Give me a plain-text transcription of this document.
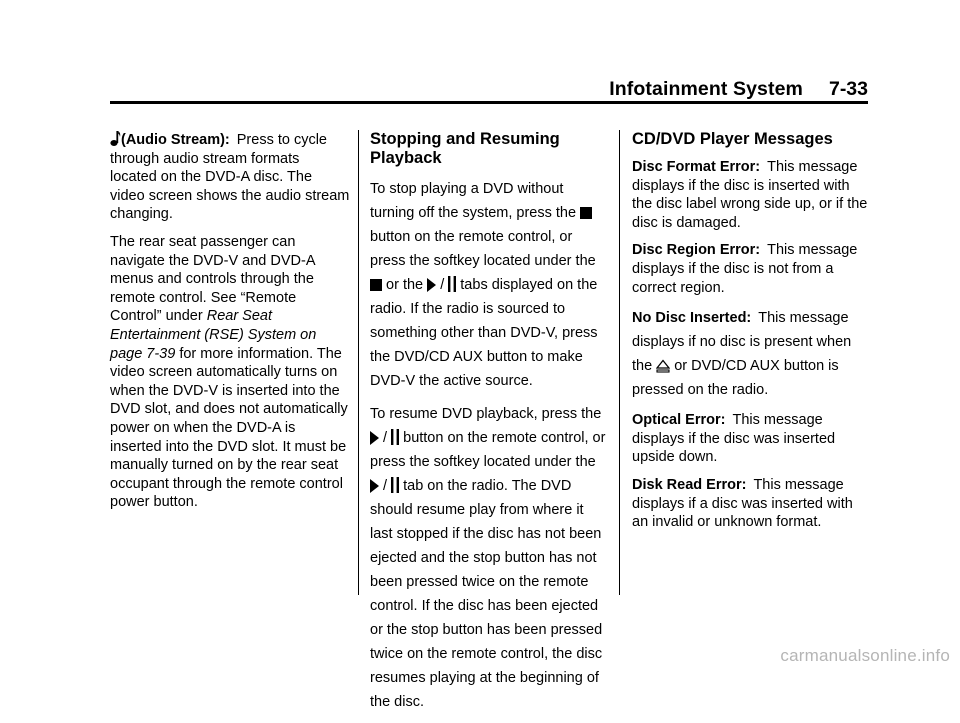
Infotainment System 7-33

(Audio Stream): Press to cycle through audio stream formats located on the DVD-A disc. The video screen shows the audio stream changing.

The rear seat passenger can navigate the DVD-V and DVD-A menus and controls through the remote control. See “Remote Control” under Rear Seat Entertainment (RSE) System on page 7-39 for more information. The video screen automatically turns on when the DVD-V is inserted into the DVD slot, and does not automatically power on when the DVD-A is inserted into the DVD slot. It must be manually turned on by the rear seat occupant through the remote control power button.

Stopping and Resuming Playback

To stop playing a DVD without turning off the system, press the
button on the remote control, or press the softkey located under the
or the / tabs displayed on the radio. If the radio is sourced to something other than DVD-V, press the DVD/CD AUX button to make DVD-V the active source.

To resume DVD playback, press the
/ button on the remote control, or press the softkey located under the
/ tab on the radio. The DVD should resume play from where it last stopped if the disc has not been ejected and the stop button has not been pressed twice on the remote control. If the disc has been ejected or the stop button has been pressed twice on the remote control, the disc resumes playing at the beginning of the disc.

CD/DVD Player Messages

Disc Format Error: This message displays if the disc is inserted with the disc label wrong side up, or if the disc is damaged.

Disc Region Error: This message displays if the disc is not from a correct region.

No Disc Inserted: This message displays if no disc is present when the or DVD/CD AUX button is pressed on the radio.

Optical Error: This message displays if the disc was inserted upside down.

Disk Read Error: This message displays if a disc was inserted with an invalid or unknown format.

carmanualsonline.info
